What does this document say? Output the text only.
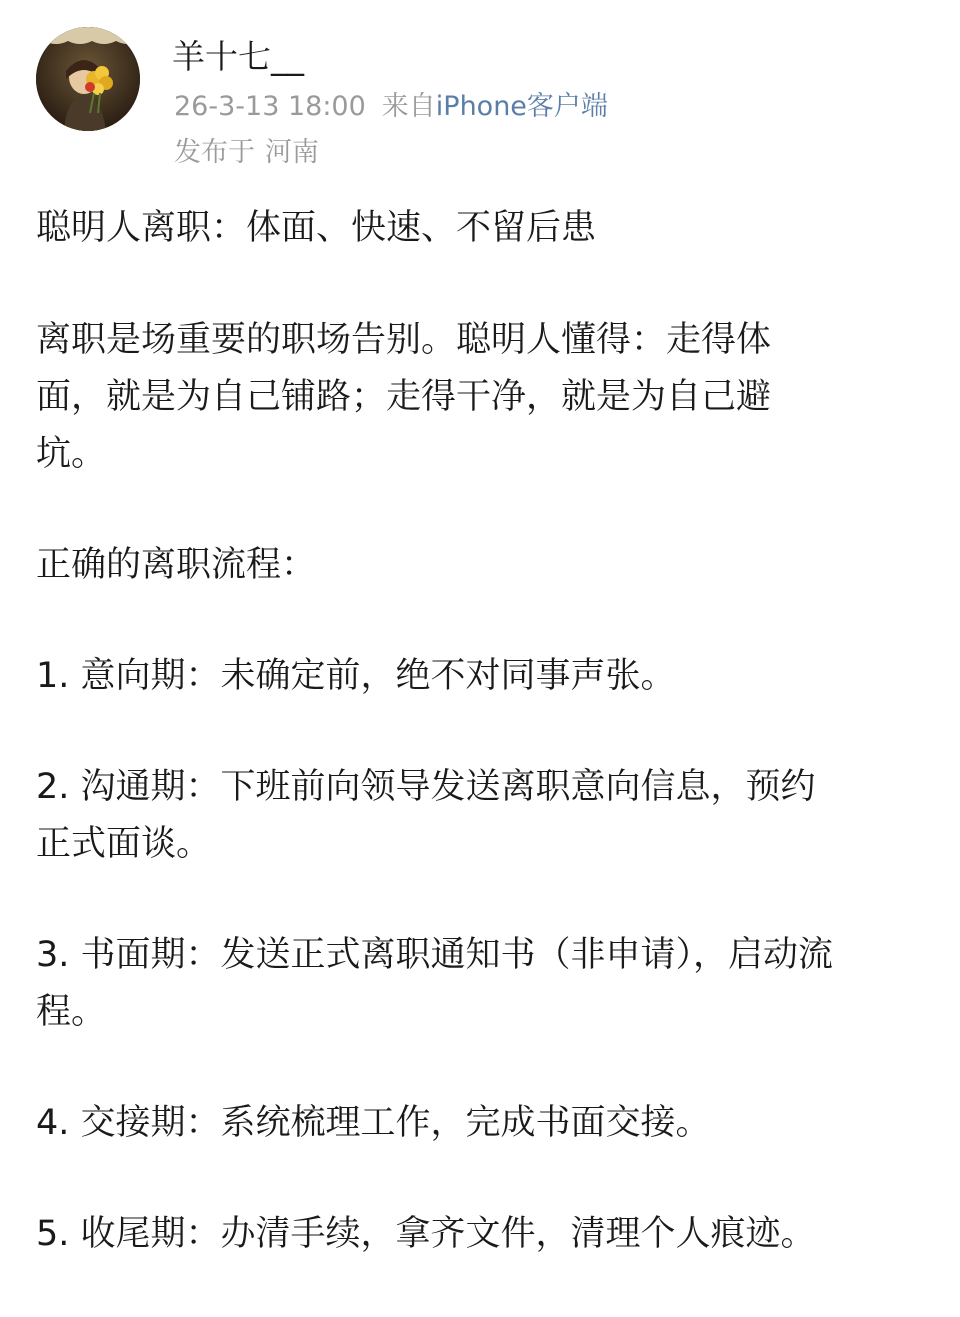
羊十七__
26-3-13 18:00 来自iPhone客户端
发布于 河南

聪明人离职：体面、快速、不留后患

离职是场重要的职场告别。聪明人懂得：走得体
面，就是为自己铺路；走得干净，就是为自己避
坑。

正确的离职流程：

1. 意向期：未确定前，绝不对同事声张。

2. 沟通期：下班前向领导发送离职意向信息，预约
正式面谈。

3. 书面期：发送正式离职通知书（非申请），启动流
程。

4. 交接期：系统梳理工作，完成书面交接。

5. 收尾期：办清手续，拿齐文件，清理个人痕迹。
